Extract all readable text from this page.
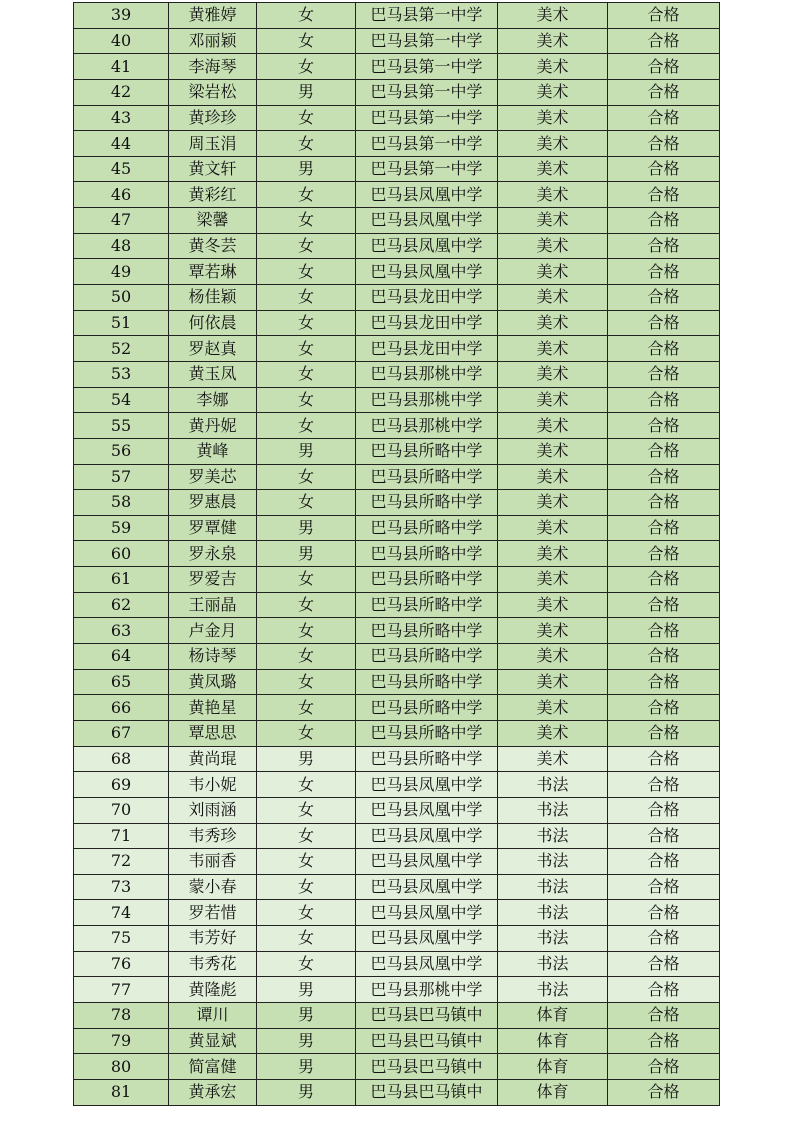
39	黄雅婷	女	巴马县第一中学	美术	合格
40	邓丽颖	女	巴马县第一中学	美术	合格
41	李海琴	女	巴马县第一中学	美术	合格
42	梁岩松	男	巴马县第一中学	美术	合格
43	黄珍珍	女	巴马县第一中学	美术	合格
44	周玉涓	女	巴马县第一中学	美术	合格
45	黄文轩	男	巴马县第一中学	美术	合格
46	黄彩红	女	巴马县凤凰中学	美术	合格
47	梁馨	女	巴马县凤凰中学	美术	合格
48	黄冬芸	女	巴马县凤凰中学	美术	合格
49	覃若琳	女	巴马县凤凰中学	美术	合格
50	杨佳颖	女	巴马县龙田中学	美术	合格
51	何依晨	女	巴马县龙田中学	美术	合格
52	罗赵真	女	巴马县龙田中学	美术	合格
53	黄玉凤	女	巴马县那桃中学	美术	合格
54	李娜	女	巴马县那桃中学	美术	合格
55	黄丹妮	女	巴马县那桃中学	美术	合格
56	黄峰	男	巴马县所略中学	美术	合格
57	罗美芯	女	巴马县所略中学	美术	合格
58	罗惠晨	女	巴马县所略中学	美术	合格
59	罗覃健	男	巴马县所略中学	美术	合格
60	罗永泉	男	巴马县所略中学	美术	合格
61	罗爱吉	女	巴马县所略中学	美术	合格
62	王丽晶	女	巴马县所略中学	美术	合格
63	卢金月	女	巴马县所略中学	美术	合格
64	杨诗琴	女	巴马县所略中学	美术	合格
65	黄凤璐	女	巴马县所略中学	美术	合格
66	黄艳星	女	巴马县所略中学	美术	合格
67	覃思思	女	巴马县所略中学	美术	合格
68	黄尚琨	男	巴马县所略中学	美术	合格
69	韦小妮	女	巴马县凤凰中学	书法	合格
70	刘雨涵	女	巴马县凤凰中学	书法	合格
71	韦秀珍	女	巴马县凤凰中学	书法	合格
72	韦丽香	女	巴马县凤凰中学	书法	合格
73	蒙小春	女	巴马县凤凰中学	书法	合格
74	罗若惜	女	巴马县凤凰中学	书法	合格
75	韦芳好	女	巴马县凤凰中学	书法	合格
76	韦秀花	女	巴马县凤凰中学	书法	合格
77	黄隆彪	男	巴马县那桃中学	书法	合格
78	谭川	男	巴马县巴马镇中	体育	合格
79	黄显斌	男	巴马县巴马镇中	体育	合格
80	简富健	男	巴马县巴马镇中	体育	合格
81	黄承宏	男	巴马县巴马镇中	体育	合格
